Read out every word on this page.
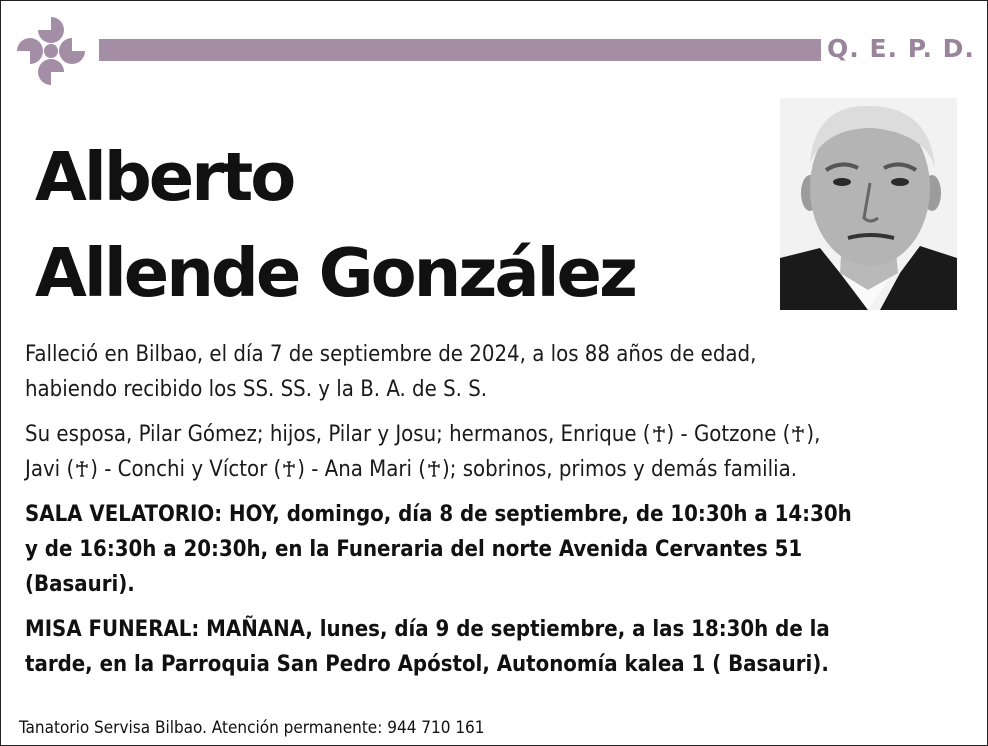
Q. E. P. D.
Alberto
Allende González

Falleció en Bilbao, el día 7 de septiembre de 2024, a los 88 años de edad,
habiendo recibido los SS. SS. y la B. A. de S. S.

Su esposa, Pilar Gómez; hijos, Pilar y Josu; hermanos, Enrique ( ) - Gotzone ( ),
Javi ( ) - Conchi y Víctor ( ) - Ana Mari ( ); sobrinos, primos y demás familia.

SALA VELATORIO: HOY, domingo, día 8 de septiembre, de 10:30h a 14:30h
y de 16:30h a 20:30h, en la Funeraria del norte Avenida Cervantes 51
(Basauri).

MISA FUNERAL: MAÑANA, lunes, día 9 de septiembre, a las 18:30h de la
tarde, en la Parroquia San Pedro Apóstol, Autonomía kalea 1 ( Basauri).

Tanatorio Servisa Bilbao. Atención permanente: 944 710 161
